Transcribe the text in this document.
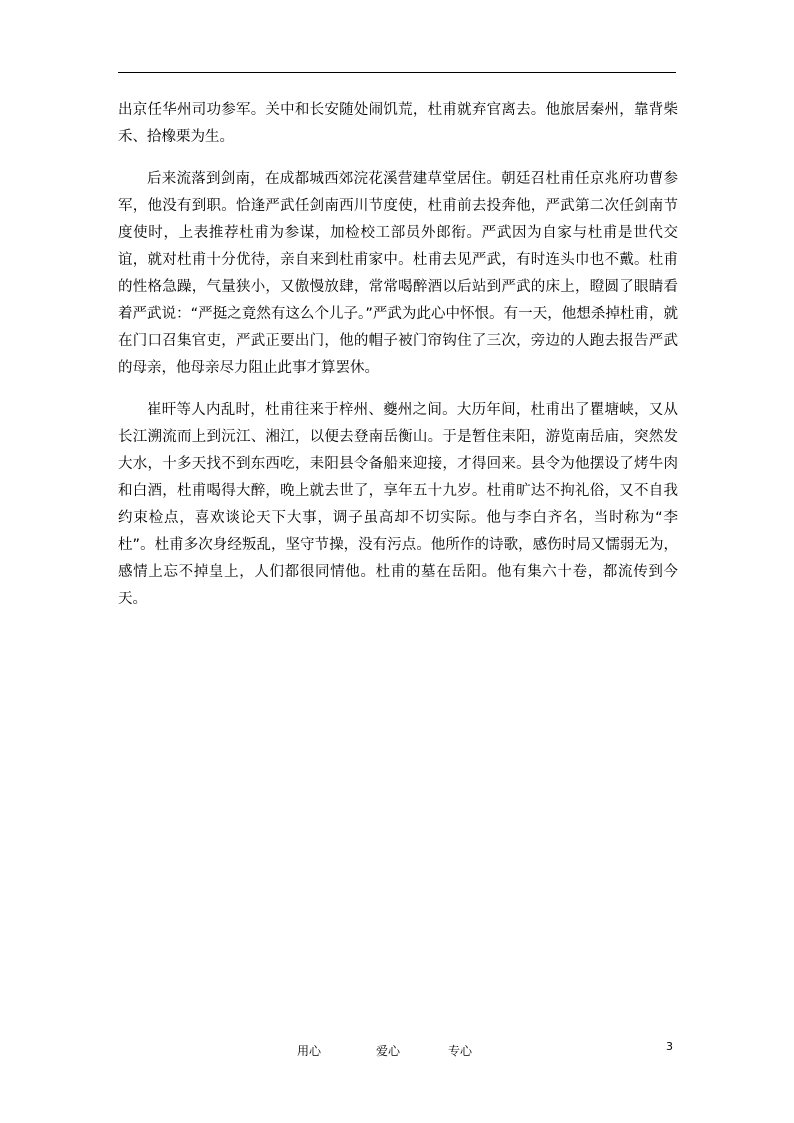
出京任华州司功参军。关中和长安随处闹饥荒，杜甫就弃官离去。他旅居秦州，靠背柴禾、拾橡栗为生。

后来流落到剑南，在成都城西郊浣花溪营建草堂居住。朝廷召杜甫任京兆府功曹参军，他没有到职。恰逢严武任剑南西川节度使，杜甫前去投奔他，严武第二次任剑南节度使时，上表推荐杜甫为参谋，加检校工部员外郎衔。严武因为自家与杜甫是世代交谊，就对杜甫十分优待，亲自来到杜甫家中。杜甫去见严武，有时连头巾也不戴。杜甫的性格急躁，气量狭小，又傲慢放肆，常常喝醉酒以后站到严武的床上，瞪圆了眼睛看着严武说：“严挺之竟然有这么个儿子。”严武为此心中怀恨。有一天，他想杀掉杜甫，就在门口召集官吏，严武正要出门，他的帽子被门帘钩住了三次，旁边的人跑去报告严武的母亲，他母亲尽力阻止此事才算罢休。

崔旰等人内乱时，杜甫往来于梓州、夔州之间。大历年间，杜甫出了瞿塘峡，又从长江溯流而上到沅江、湘江，以便去登南岳衡山。于是暂住耒阳，游览南岳庙，突然发大水，十多天找不到东西吃，耒阳县令备船来迎接，才得回来。县令为他摆设了烤牛肉和白酒，杜甫喝得大醉，晚上就去世了，享年五十九岁。杜甫旷达不拘礼俗，又不自我约束检点，喜欢谈论天下大事，调子虽高却不切实际。他与李白齐名，当时称为“李杜”。杜甫多次身经叛乱，坚守节操，没有污点。他所作的诗歌，感伤时局又懦弱无为，感情上忘不掉皇上，人们都很同情他。杜甫的墓在岳阳。他有集六十卷，都流传到今天。

用心	爱心	专心	3
